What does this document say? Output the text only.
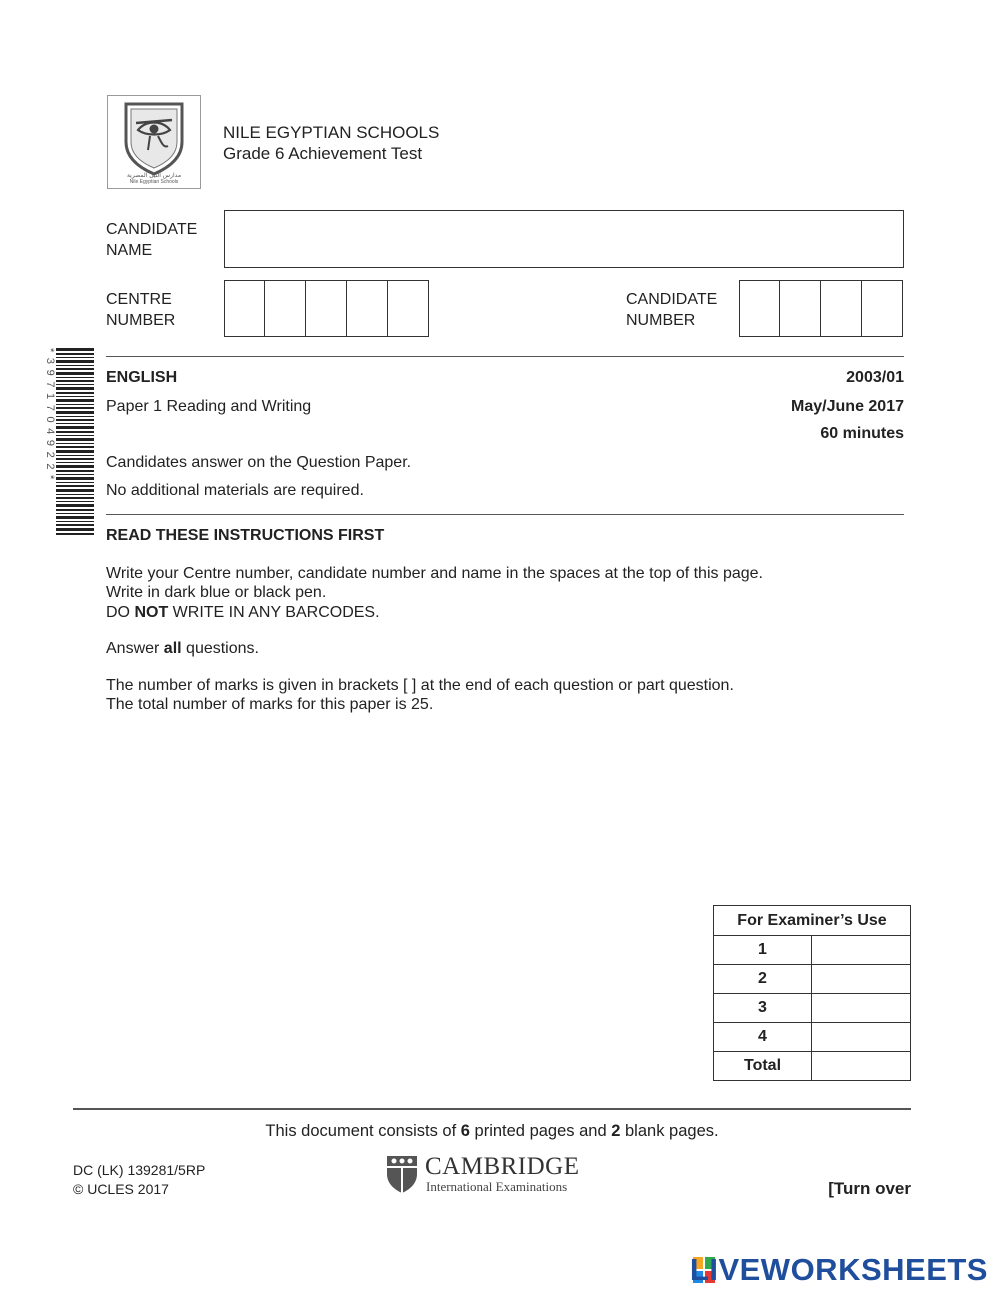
مدارس النيل المصرية
Nile Egyptian Schools
NILE EGYPTIAN SCHOOLS
Grade 6 Achievement Test
CANDIDATE
NAME
CENTRE
NUMBER
CANDIDATE
NUMBER
*3971704922*	ENGLISH	2003/01
Paper 1 Reading and Writing	May/June 2017
60 minutes
Candidates answer on the Question Paper.
No additional materials are required.
READ THESE INSTRUCTIONS FIRST
Write your Centre number, candidate number and name in the spaces at the top of this page.
Write in dark blue or black pen.
DO NOT WRITE IN ANY BARCODES.
Answer all questions.
The number of marks is given in brackets [ ] at the end of each question or part question.
The total number of marks for this paper is 25.
For Examiner’s Use	
1	
2	
3	
4	
Total	
This document consists of 6 printed pages and 2 blank pages.
DC (LK) 139281/5RP
© UCLES 2017
CAMBRIDGE
International Examinations	[Turn over
LIVEWORKSHEETS
